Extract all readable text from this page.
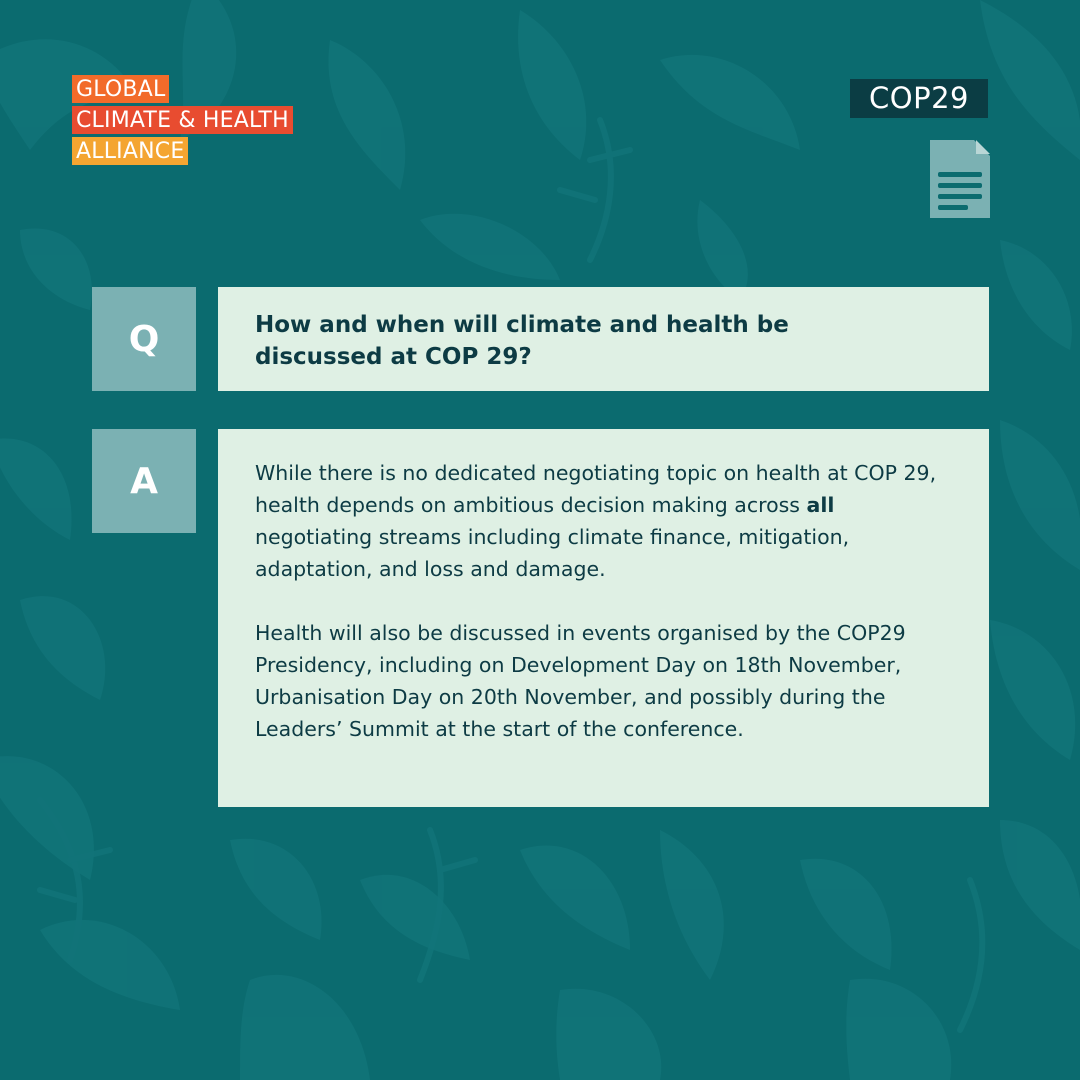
GLOBAL
CLIMATE & HEALTH
ALLIANCE
COP29
Q	How and when will climate and health be discussed at COP 29?

A	While there is no dedicated negotiating topic on health at COP 29, health depends on ambitious decision making across all negotiating streams including climate finance, mitigation, adaptation, and loss and damage.

Health will also be discussed in events organised by the COP29 Presidency, including on Development Day on 18th November, Urbanisation Day on 20th November, and possibly during the Leaders’ Summit at the start of the conference.
